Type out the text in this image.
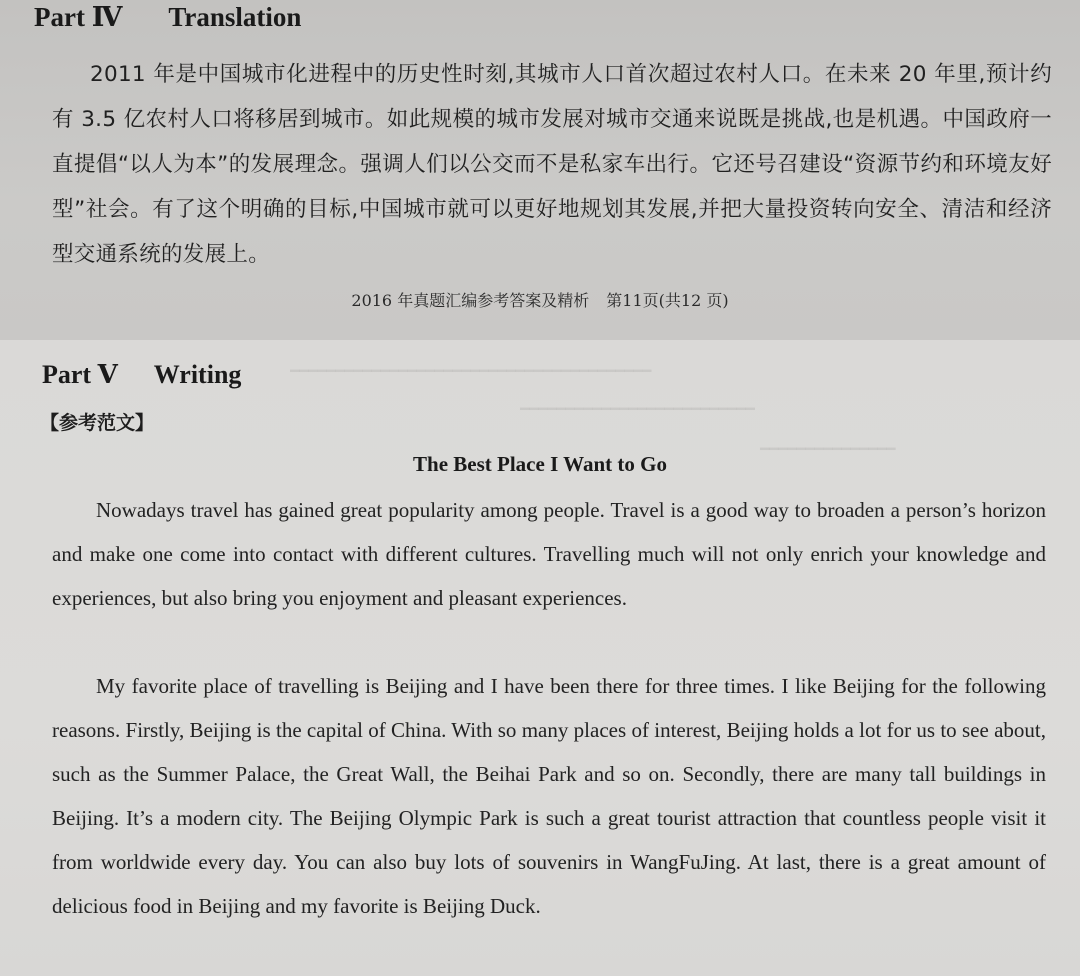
Part Ⅳ Translation
2011 年是中国城市化进程中的历史性时刻,其城市人口首次超过农村人口。在未来 20 年里,预计约有 3.5 亿农村人口将移居到城市。如此规模的城市发展对城市交通来说既是挑战,也是机遇。中国政府一直提倡“以人为本”的发展理念。强调人们以公交而不是私家车出行。它还号召建设“资源节约和环境友好型”社会。有了这个明确的目标,中国城市就可以更好地规划其发展,并把大量投资转向安全、清洁和经济型交通系统的发展上。
2016 年真题汇编参考答案及精析 第11页(共12 页)
━━━━━━━━━━━━━━━━━━━━━━━━━━━━━━━━━━━━━━━━
━━━━━━━━━━━━━━━━━━━━━━━━━━
━━━━━━━━━━━━━━━
Part Ⅴ Writing
【参考范文】
The Best Place I Want to Go

Nowadays travel has gained great popularity among people. Travel is a good way to broaden a person’s horizon and make one come into contact with different cultures. Travelling much will not only enrich your knowledge and experiences, but also bring you enjoyment and pleasant experiences.

My favorite place of travelling is Beijing and I have been there for three times. I like Beijing for the following reasons. Firstly, Beijing is the capital of China. With so many places of interest, Beijing holds a lot for us to see about, such as the Summer Palace, the Great Wall, the Beihai Park and so on. Secondly, there are many tall buildings in Beijing. It’s a modern city. The Beijing Olympic Park is such a great tourist attraction that countless people visit it from worldwide every day. You can also buy lots of souvenirs in WangFuJing. At last, there is a great amount of delicious food in Beijing and my favorite is Beijing Duck.
